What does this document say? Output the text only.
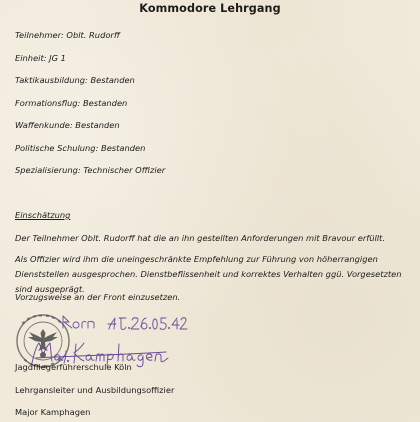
Kommodore Lehrgang

Teilnehmer: Oblt. Rudorff

Einheit: JG 1

Taktikausbildung: Bestanden

Formationsflug: Bestanden

Waffenkunde: Bestanden

Politische Schulung: Bestanden

Spezialisierung: Technischer Offizier

Einschätzung

Der Teilnehmer Oblt. Rudorff hat die an ihn gestellten Anforderungen mit Bravour erfüllt.

Als Offizier wird ihm die uneingeschränkte Empfehlung zur Führung von höherrangigen Dienststellen ausgesprochen. Dienstbeflissenheit und korrektes Verhalten ggü. Vorgesetzten sind ausgeprägt.

Vorzugsweise an der Front einzusetzen.

Jagdfliegerführerschule Köln

Lehrgansleiter und Ausbildungsoffizier

Major Kamphagen
